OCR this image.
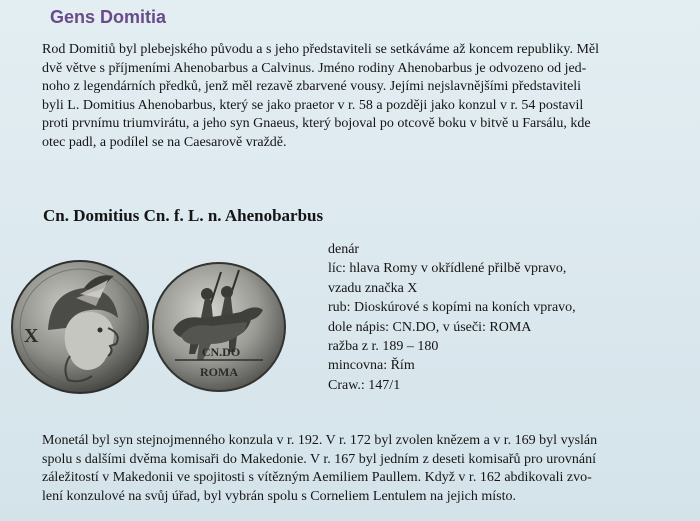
Gens Domitia

Rod Domitiů byl plebejského původu a s jeho představiteli se setkáváme až koncem republiky. Měl
dvě větve s příjmeními Ahenobarbus a Calvinus. Jméno rodiny Ahenobarbus je odvozeno od jed-
noho z legendárních předků, jenž měl rezavě zbarvené vousy. Jejími nejslavnějšími představiteli
byli L. Domitius Ahenobarbus, který se jako praetor v r. 58 a později jako konzul v r. 54 postavil
proti prvnímu triumvirátu, a jeho syn Gnaeus, který bojoval po otcově boku v bitvě u Farsálu, kde
otec padl, a podílel se na Caesarově vraždě.

Cn. Domitius Cn. f. L. n. Ahenobarbus
X
CN.DO
ROMA

denár
líc: hlava Romy v okřídlené přilbě vpravo,
vzadu značka X
rub: Dioskúrové s kopími na koních vpravo,
dole nápis: CN.DO, v úseči: ROMA
ražba z r. 189 – 180
mincovna: Řím
Craw.: 147/1

Monetál byl syn stejnojmenného konzula v r. 192. V r. 172 byl zvolen knězem a v r. 169 byl vyslán
spolu s dalšími dvěma komisaři do Makedonie. V r. 167 byl jedním z deseti komisařů pro urovnání
záležitostí v Makedonii ve spojitosti s vítězným Aemiliem Paullem. Když v r. 162 abdikovali zvo-
lení konzulové na svůj úřad, byl vybrán spolu s Corneliem Lentulem na jejich místo.
